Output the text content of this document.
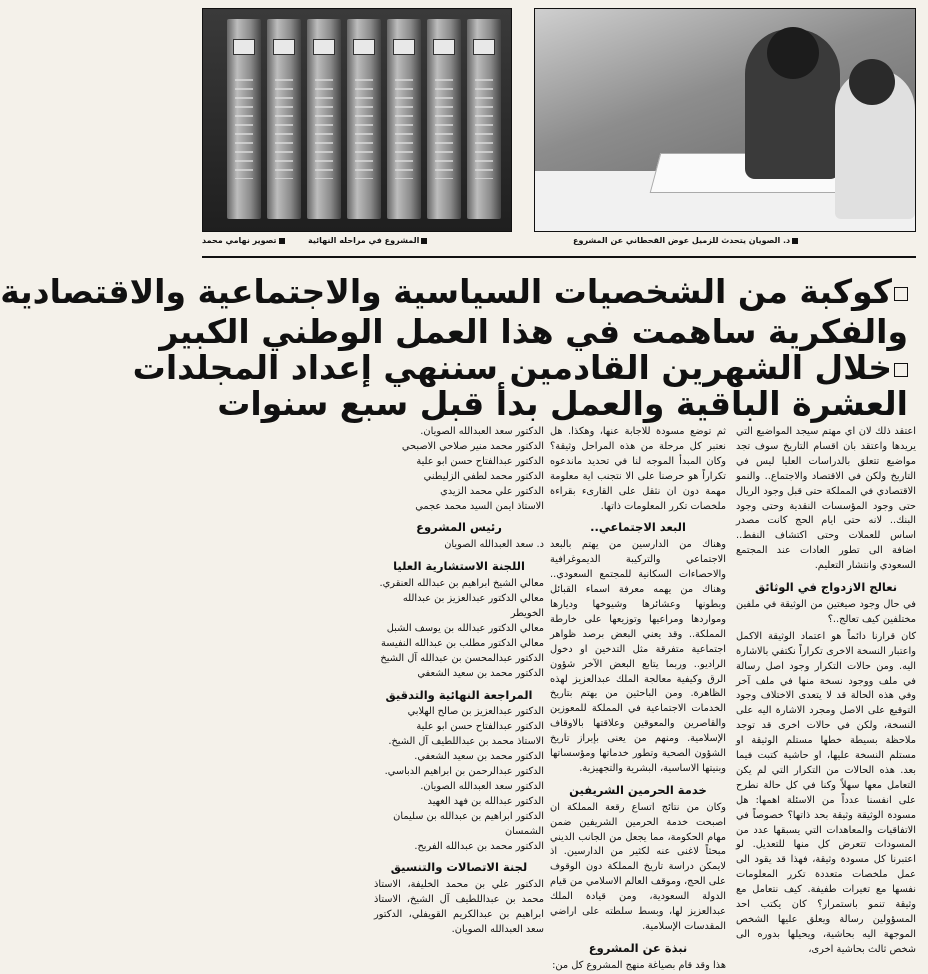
تصوير نهامي محمد	المشروع في مراحله النهائية	د. الصويان يتحدث للزميل عوض القحطاني عن المشروع
كوكبة من الشخصيات السياسية والاجتماعية والاقتصادية
والفكرية ساهمت في هذا العمل الوطني الكبير
خلال الشهرين القادمين سننهي إعداد المجلدات
العشرة الباقية والعمل بدأ قبل سبع سنوات

اعتقد ذلك لان اي مهتم سيجد المواضيع التي يريدها واعتقد بان اقسام التاريخ سوف تجد مواضيع تتعلق بالدراسات العليا ليس في التاريخ ولكن في الاقتصاد والاجتماع.. والنمو الاقتصادي في المملكة حتى قبل وجود الريال حتى وجود المؤسسات النقدية وحتى وجود البنك.. لانه حتى ايام الحج كانت مصدر اساس للعملات وحتى اكتشاف النفط.. اضافة الى تطور العادات عند المجتمع السعودي وانتشار التعليم.

نعالج الازدواج في الوثائق

في حال وجود صيغتين من الوثيقة في ملفين مختلفين كيف تعالج..؟

كان قرارنا دائماً هو اعتماد الوثيقة الاكمل واعتبار النسخة الاخرى تكراراً نكتفي بالاشارة اليه. ومن حالات التكرار وجود اصل رسالة في ملف ووجود نسخة منها في ملف آخر وفي هذه الحالة قد لا يتعدى الاختلاف وجود التوقيع على الاصل ومجرد الاشارة اليه على النسخة، ولكن في حالات اخرى قد توجد ملاحظة بسيطة خطها مستلم الوثيقة او مستلم النسخة عليها، او حاشية كتبت فيما بعد. هذه الحالات من التكرار التي لم يكن التعامل معها سهلاً وكنا في كل حالة نطرح على انفسنا عدداً من الاسئلة اهمها: هل مسودة الوثيقة وثيقة بحد ذاتها؟ خصوصاً في الاتفاقيات والمعاهدات التي يسبقها عدد من المسودات تتعرض كل منها للتعديل. لو اعتبرنا كل مسودة وثيقة، فهذا قد يقود الى عمل ملخصات متعددة تكرر المعلومات نفسها مع تغيرات طفيفة. كيف نتعامل مع وثيقة تنمو باستمرار؟ كان يكتب احد المسؤولين رسالة ويعلق عليها الشخص الموجهة اليه بحاشية، ويحيلها بدوره الى شخص ثالث بحاشية اخرى،

ثم توضع مسودة للاجابة عنها، وهكذا. هل نعتبر كل مرحلة من هذه المراحل وثيقة؟ وكان المبدأ الموجه لنا في تحديد ماندعوه تكراراً هو حرصنا على الا نتجنب اية معلومة مهمة دون ان نثقل على القارىء بقراءة ملخصات تكرر المعلومات ذاتها.

البعد الاجتماعي..

وهناك من الدارسين من يهتم بالبعد الاجتماعي والتركيبة الديموغرافية والاحصاءات السكانية للمجتمع السعودي.. وهناك من يهمه معرفة اسماء القبائل وبطونها وعشائرها وشيوخها وديارها ومواردها ومراعيها وتوزيعها على خارطة المملكة.. وقد يعني البعض برصد ظواهر اجتماعية متفرقة مثل التدخين او دخول الراديو.. وربما يتابع البعض الآخر شؤون الرق وكيفية معالجة الملك عبدالعزيز لهذه الظاهرة. ومن الباحثين من يهتم بتاريخ الخدمات الاجتماعية في المملكة للمعوزين والقاصرين والمعوقين وعلاقتها بالاوقاف الإسلامية. ومنهم من يعنى بإبراز تاريخ الشؤون الصحية وتطور خدماتها ومؤسساتها وبنيتها الاساسية، البشرية والتجهيزية.

خدمة الحرمين الشريفين

وكان من نتائج اتساع رقعة المملكة ان اصبحت خدمة الحرمين الشريفين ضمن مهام الحكومة، مما يجعل من الجانب الديني مبحثاً لاغنى عنه لكثير من الدارسين. اذ لايمكن دراسة تاريخ المملكة دون الوقوف على الحج، وموقف العالم الاسلامي من قيام الدولة السعودية، ومن قيادة الملك عبدالعزيز لها، وبسط سلطته على اراضي المقدسات الإسلامية.

نبذة عن المشروع

هذا وقد قام بصياغة منهج المشروع كل من:

الدكتور سعد العبدالله الصويان.

الدكتور محمد منير صلاحي الاصبحي

الدكتور عبدالفتاح حسن ابو علية

الدكتور محمد لطفي الزليطني

الدكتور علي محمد الزيدي

الاستاذ ايمن السيد محمد عجمي

رئيس المشروع

د. سعد العبدالله الصويان

اللجنة الاستشارية العليا

معالي الشيخ ابراهيم بن عبدالله العنقري.

معالي الدكتور عبدالعزيز بن عبدالله الخويطر

معالي الدكتور عبدالله بن يوسف الشبل

معالي الدكتور مطلب بن عبدالله النفيسة

الدكتور عبدالمحسن بن عبدالله آل الشيخ

الدكتور محمد بن سعيد الشعفي

المراجعة النهائية والتدقيق

الدكتور عبدالعزيز بن صالح الهلابي

الدكتور عبدالفتاح حسن ابو علية

الاستاذ محمد بن عبداللطيف آل الشيخ.

الدكتور محمد بن سعيد الشعفي.

الدكتور عبدالرحمن بن ابراهيم الدباسي.

الدكتور سعد العبدالله الصويان.

الدكتور عبدالله بن فهد الغهيد

الدكتور ابراهيم بن عبدالله بن سليمان الشمسان

الدكتور محمد بن عبدالله الفريح.

لجنة الاتصالات والتنسيق

الدكتور علي بن محمد الخليفة، الاستاذ محمد بن عبداللطيف آل الشيخ، الاستاذ ابراهيم بن عبدالكريم القويفلي، الدكتور سعد العبدالله الصويان.
